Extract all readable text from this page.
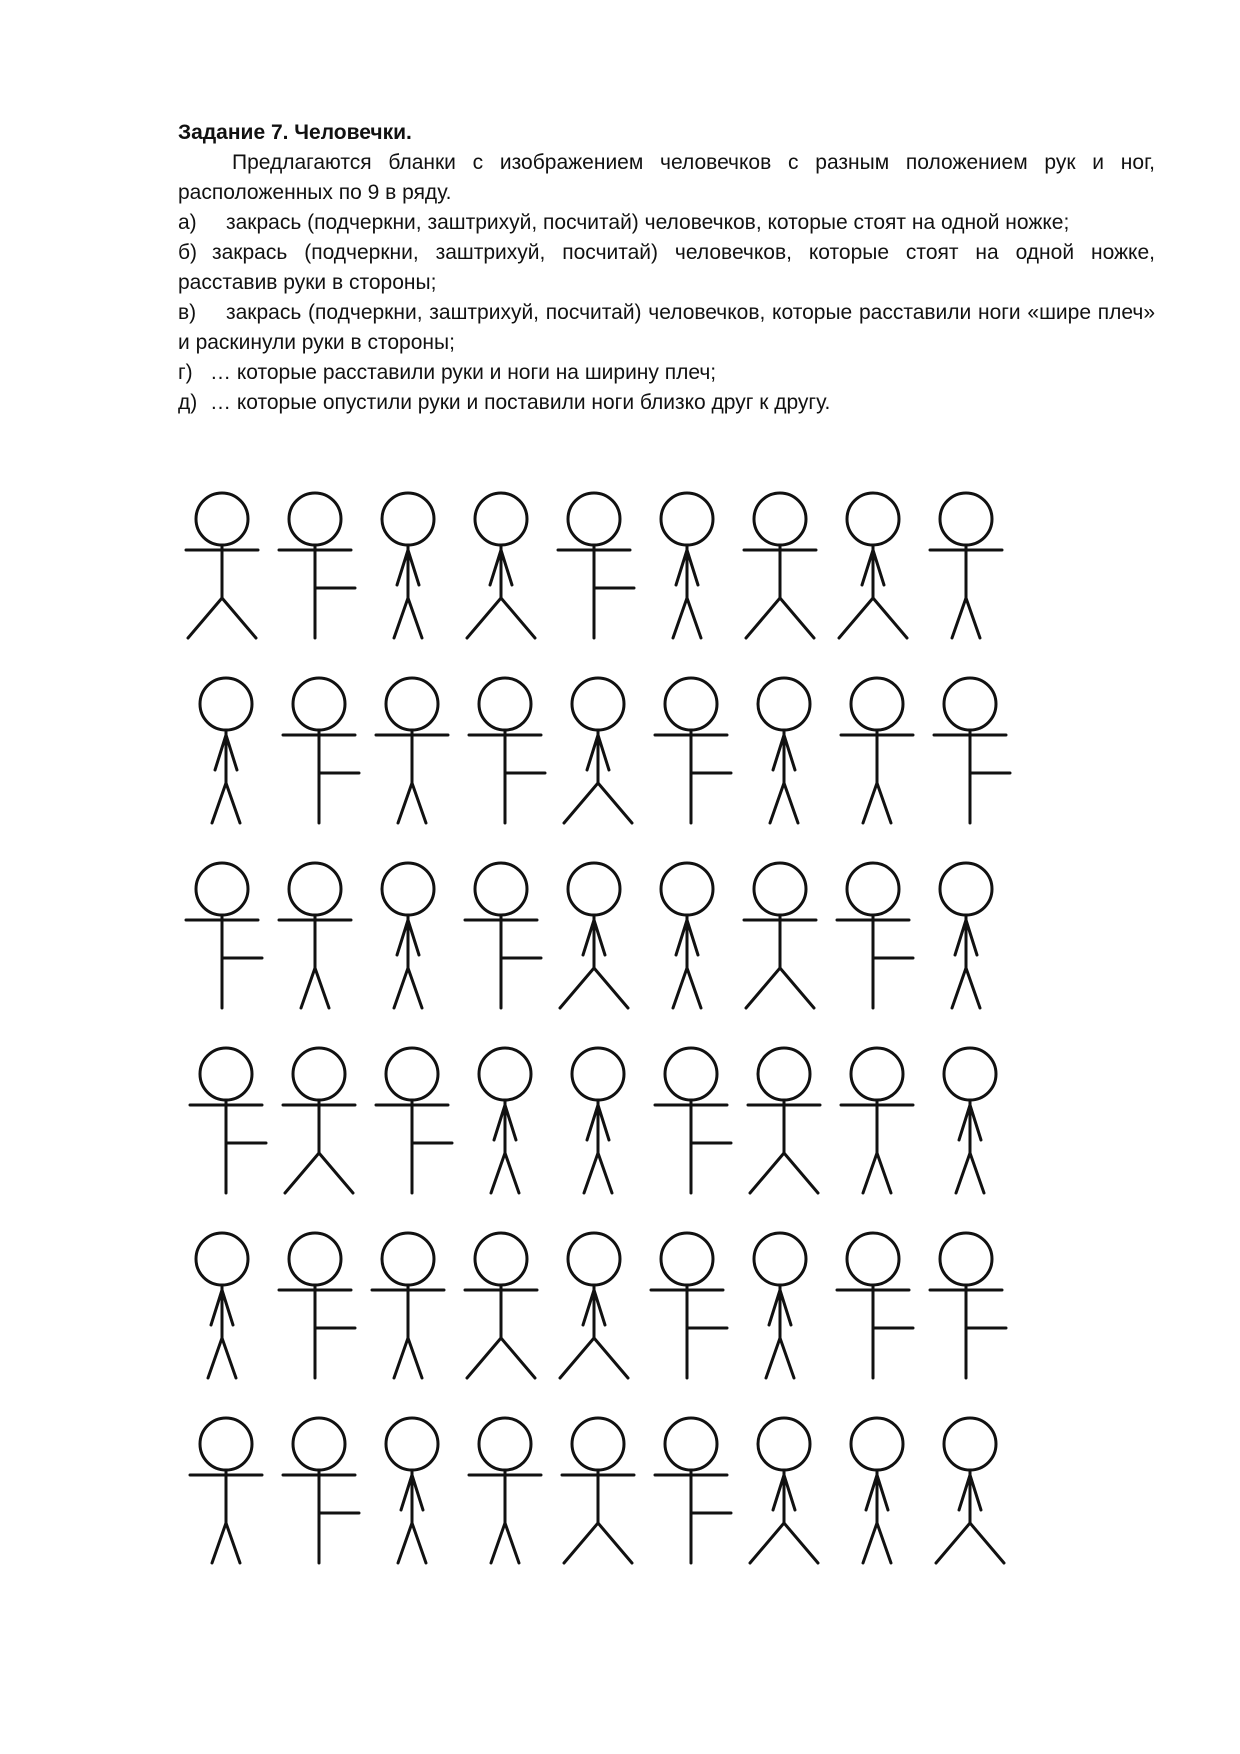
Задание 7. Человечки.

Предлагаются бланки с изображением человечков с разным положением рук и ног, расположенных по 9 в ряду.

а) закрась (подчеркни, заштрихуй, посчитай) человечков, которые стоят на одной ножке;

б) закрась (подчеркни, заштрихуй, посчитай) человечков, которые стоят на одной ножке, расставив руки в стороны;

в) закрась (подчеркни, заштрихуй, посчитай) человечков, которые расставили ноги «шире плеч» и раскинули руки в стороны;

г) … которые расставили руки и ноги на ширину плеч;

д) … которые опустили руки и поставили ноги близко друг к другу.
